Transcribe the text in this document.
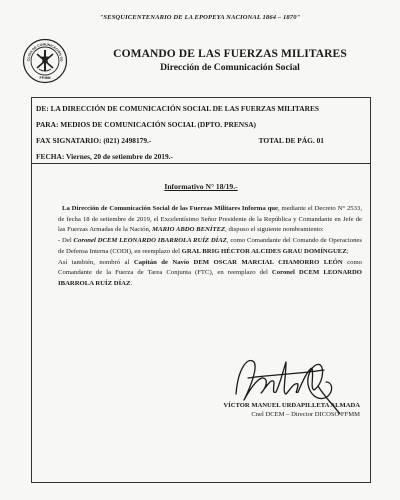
"SESQUICENTENARIO DE LA EPOPEYA NACIONAL 1864 – 1870"
CCIÓN DE COMUNICACIÓN SO
FF.MM
COMANDO DE LAS FUERZAS MILITARES
Dirección de Comunicación Social
DE: LA DIRECCIÓN DE COMUNICACIÓN SOCIAL DE LAS FUERZAS MILITARES
PARA: MEDIOS DE COMUNICACIÓN SOCIAL (DPTO. PRENSA)
FAX SIGNATARIO: (021) 2498179.-	TOTAL DE PÁG. 01
FECHA: Viernes, 20 de setiembre de 2019.-
Informativo N° 18/19.-

La Dirección de Comunicación Social de las Fuerzas Militares Informa que, mediante el Decreto N° 2533, de fecha 18 de setiembre de 2019, el Excelentísimo Señor Presidente de la República y Comandante en Jefe de las Fuerzas Armadas de la Nación, MARIO ABDO BENÍTEZ, dispuso el siguiente nombramiento:

- Del Coronel DCEM LEONARDO IBARROLA RUÍZ DÍAZ, como Comandante del Comando de Operaciones de Defensa Interna (CODI), en reemplazo del GRAL BRIG HÉCTOR ALCIDES GRAU DOMÍNGUEZ;

Así también, nombró al Capitán de Navío DEM OSCAR MARCIAL CHAMORRO LEÓN como Comandante de la Fuerza de Tarea Conjunta (FTC), en reemplazo del Coronel DCEM LEONARDO IBARROLA RUÍZ DÍAZ.

VÍCTOR MANUEL URDAPILLETA ALMADA
Cnel DCEM – Director DICOSO FFMM
